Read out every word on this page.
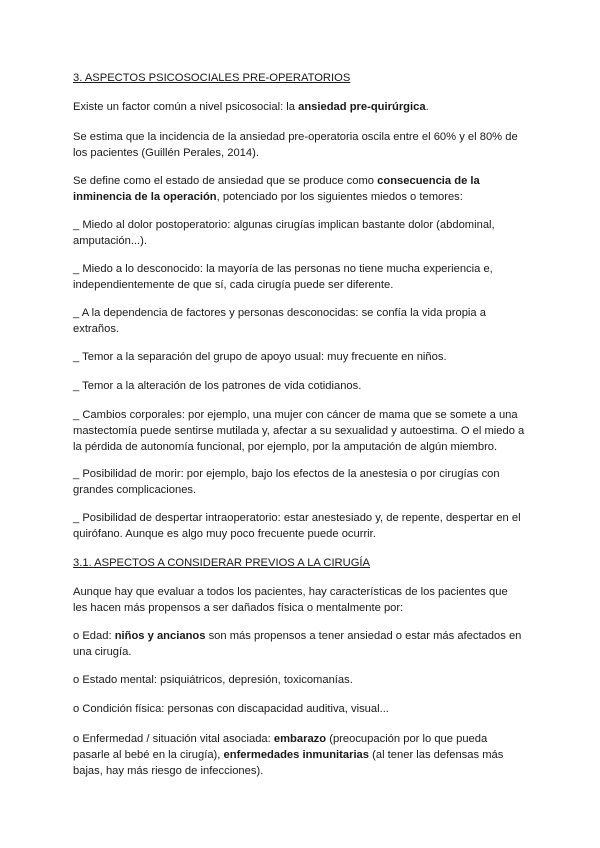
3. ASPECTOS PSICOSOCIALES PRE-OPERATORIOS

Existe un factor común a nivel psicosocial: la ansiedad pre-quirúrgica.

Se estima que la incidencia de la ansiedad pre-operatoria oscila entre el 60% y el 80% de los pacientes (Guillén Perales, 2014).

Se define como el estado de ansiedad que se produce como consecuencia de la inminencia de la operación, potenciado por los siguientes miedos o temores:

_ Miedo al dolor postoperatorio: algunas cirugías implican bastante dolor (abdominal, amputación...).

_ Miedo a lo desconocido: la mayoría de las personas no tiene mucha experiencia e, independientemente de que sí, cada cirugía puede ser diferente.

_ A la dependencia de factores y personas desconocidas: se confía la vida propia a extraños.

_ Temor a la separación del grupo de apoyo usual: muy frecuente en niños.

_ Temor a la alteración de los patrones de vida cotidianos.

_ Cambios corporales: por ejemplo, una mujer con cáncer de mama que se somete a una mastectomía puede sentirse mutilada y, afectar a su sexualidad y autoestima. O el miedo a la pérdida de autonomía funcional, por ejemplo, por la amputación de algún miembro.

_ Posibilidad de morir: por ejemplo, bajo los efectos de la anestesia o por cirugías con grandes complicaciones.

_ Posibilidad de despertar intraoperatorio: estar anestesiado y, de repente, despertar en el quirófano. Aunque es algo muy poco frecuente puede ocurrir.

3.1. ASPECTOS A CONSIDERAR PREVIOS A LA CIRUGÍA

Aunque hay que evaluar a todos los pacientes, hay características de los pacientes que les hacen más propensos a ser dañados física o mentalmente por:

o Edad: niños y ancianos son más propensos a tener ansiedad o estar más afectados en una cirugía.

o Estado mental: psiquiátricos, depresión, toxicomanías.

o Condición física: personas con discapacidad auditiva, visual...

o Enfermedad / situación vital asociada: embarazo (preocupación por lo que pueda pasarle al bebé en la cirugía), enfermedades inmunitarias (al tener las defensas más bajas, hay más riesgo de infecciones).
